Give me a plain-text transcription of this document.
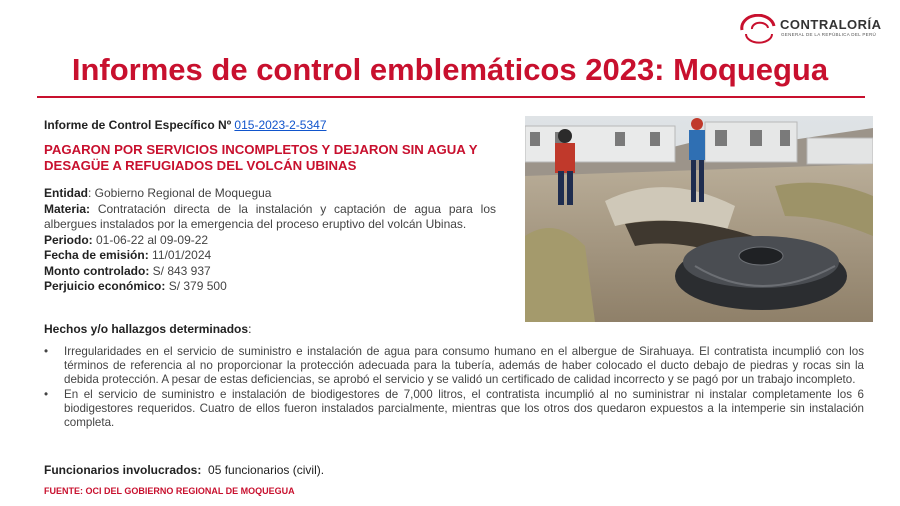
CONTRALORÍA
GENERAL DE LA REPÚBLICA DEL PERÚ
Informes de control emblemáticos 2023: Moquegua
Informe de Control Específico Nº 015-2023-2-5347
PAGARON POR SERVICIOS INCOMPLETOS Y DEJARON SIN AGUA Y DESAGÜE A REFUGIADOS DEL VOLCÁN UBINAS
Entidad: Gobierno Regional de Moquegua
Materia: Contratación directa de la instalación y captación de agua para los albergues instalados por la emergencia del proceso eruptivo del volcán Ubinas.
Periodo: 01-06-22 al 09-09-22
Fecha de emisión: 11/01/2024
Monto controlado: S/ 843 937
Perjuicio económico: S/ 379 500
Hechos y/o hallazgos determinados:
• Irregularidades en el servicio de suministro e instalación de agua para consumo humano en el albergue de Sirahuaya. El contratista incumplió con los términos de referencia al no proporcionar la protección adecuada para la tubería, además de haber colocado el ducto debajo de piedras y rocas sin la debida protección. A pesar de estas deficiencias, se aprobó el servicio y se validó un certificado de calidad incorrecto y se pagó por un trabajo incompleto.
• En el servicio de suministro e instalación de biodigestores de 7,000 litros, el contratista incumplió al no suministrar ni instalar completamente los 6 biodigestores requeridos. Cuatro de ellos fueron instalados parcialmente, mientras que los otros dos quedaron expuestos a la intemperie sin instalación completa.
Funcionarios involucrados:  05 funcionarios (civil).
FUENTE: OCI DEL GOBIERNO REGIONAL DE MOQUEGUA
